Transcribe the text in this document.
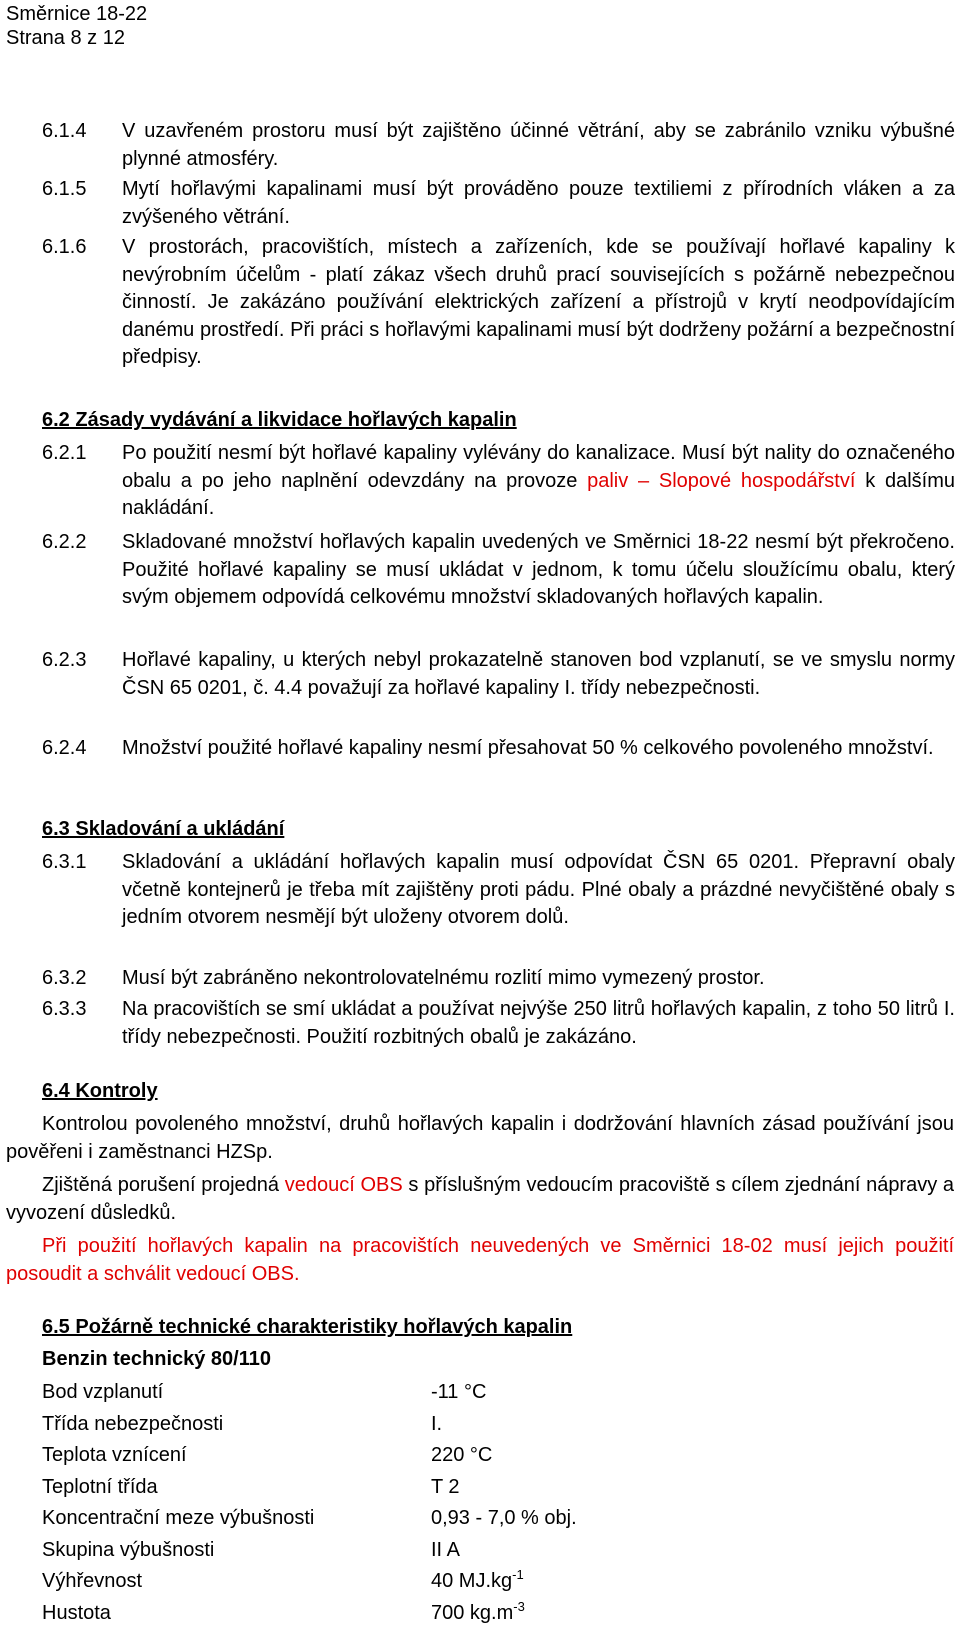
Směrnice 18-22
Strana 8 z 12
6.1.4	V uzavřeném prostoru musí být zajištěno účinné větrání, aby se zabránilo vzniku výbušné plynné atmosféry.
6.1.5	Mytí hořlavými kapalinami musí být prováděno pouze textiliemi z přírodních vláken a za zvýšeného větrání.
6.1.6	V prostorách, pracovištích, místech a zařízeních, kde se používají hořlavé kapaliny k nevýrobním účelům - platí zákaz všech druhů prací souvisejících s požárně nebezpečnou činností. Je zakázáno používání elektrických zařízení a přístrojů v krytí neodpovídajícím danému prostředí. Při práci s hořlavými kapalinami musí být dodrženy požární a bezpečnostní předpisy.
6.2 Zásady vydávání a likvidace hořlavých kapalin
6.2.1	Po použití nesmí být hořlavé kapaliny vylévány do kanalizace. Musí být nality do označeného obalu a po jeho naplnění odevzdány na provoze paliv – Slopové hospodářství k dalšímu nakládání.
6.2.2	Skladované množství hořlavých kapalin uvedených ve Směrnici 18-22 nesmí být překročeno. Použité hořlavé kapaliny se musí ukládat v jednom, k tomu účelu sloužícímu obalu, který svým objemem odpovídá celkovému množství skladovaných hořlavých kapalin.
6.2.3	Hořlavé kapaliny, u kterých nebyl prokazatelně stanoven bod vzplanutí, se ve smyslu normy ČSN 65 0201, č. 4.4 považují za hořlavé kapaliny I. třídy nebezpečnosti.
6.2.4	Množství použité hořlavé kapaliny nesmí přesahovat 50 % celkového povoleného množství.
6.3 Skladování a ukládání
6.3.1	Skladování a ukládání hořlavých kapalin musí odpovídat ČSN 65 0201. Přepravní obaly včetně kontejnerů je třeba mít zajištěny proti pádu. Plné obaly a prázdné nevyčištěné obaly s jedním otvorem nesmějí být uloženy otvorem dolů.
6.3.2	Musí být zabráněno nekontrolovatelnému rozlití mimo vymezený prostor.
6.3.3	Na pracovištích se smí ukládat a používat nejvýše 250 litrů hořlavých kapalin, z toho 50 litrů I. třídy nebezpečnosti. Použití rozbitných obalů je zakázáno.
6.4 Kontroly
Kontrolou povoleného množství, druhů hořlavých kapalin i dodržování hlavních zásad používání jsou pověřeni i zaměstnanci HZSp.
Zjištěná porušení projedná vedoucí OBS s příslušným vedoucím pracoviště s cílem zjednání nápravy a vyvození důsledků.
Při použití hořlavých kapalin na pracovištích neuvedených ve Směrnici 18-02 musí jejich použití posoudit a schválit vedoucí OBS.
6.5 Požárně technické charakteristiky hořlavých kapalin
Benzin technický 80/110
Bod vzplanutí	-11 °C
Třída nebezpečnosti	I.
Teplota vznícení	220 °C
Teplotní třída	T 2
Koncentrační meze výbušnosti	0,93 - 7,0 % obj.
Skupina výbušnosti	II A
Výhřevnost	40 $MJ.kg^{-1}$
Hustota	700 $kg.m^{-3}$
